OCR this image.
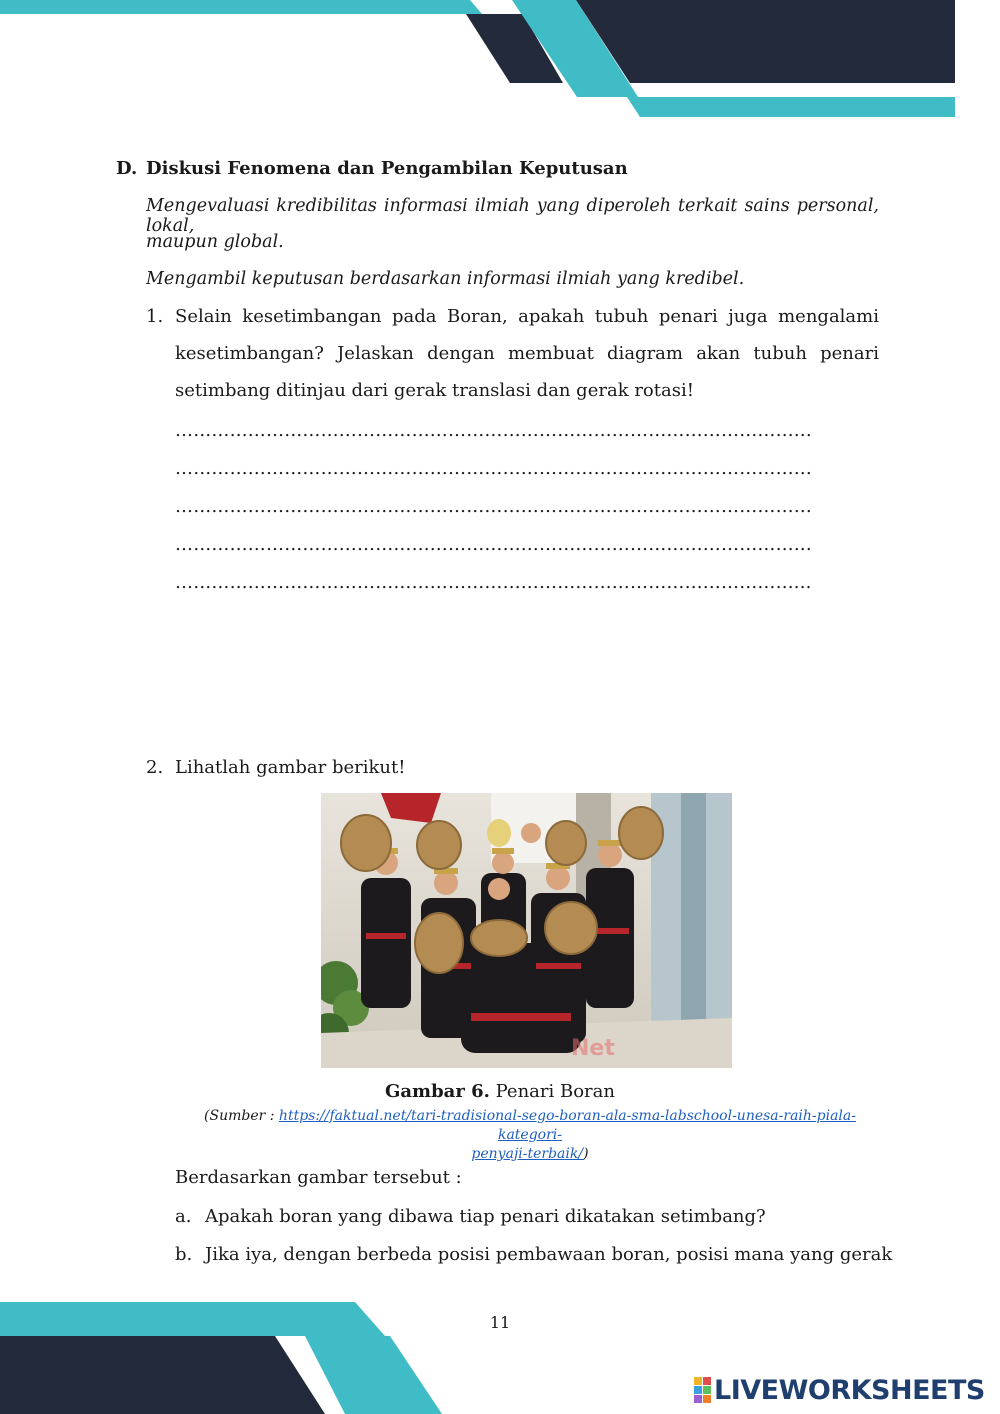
D. Diskusi Fenomena dan Pengambilan Keputusan
Mengevaluasi kredibilitas informasi ilmiah yang diperoleh terkait sains personal, lokal,
maupun global.
Mengambil keputusan berdasarkan informasi ilmiah yang kredibel.
1. Selain kesetimbangan pada Boran, apakah tubuh penari juga mengalami
kesetimbangan? Jelaskan dengan membuat diagram akan tubuh penari
setimbang ditinjau dari gerak translasi dan gerak rotasi!
……………………………………………………………………………………………
……………………………………………………………………………………………
……………………………………………………………………………………………
……………………………………………………………………………………………
…………………………………………………………………………………………...
2. Lihatlah gambar berikut!
Net
Gambar 6. Penari Boran
(Sumber : https://faktual.net/tari-tradisional-sego-boran-ala-sma-labschool-unesa-raih-piala-kategori-
penyaji-terbaik/)
Berdasarkan gambar tersebut :
a. Apakah boran yang dibawa tiap penari dikatakan setimbang?
b. Jika iya, dengan berbeda posisi pembawaan boran, posisi mana yang gerak
11
LIVEWORKSHEETS
